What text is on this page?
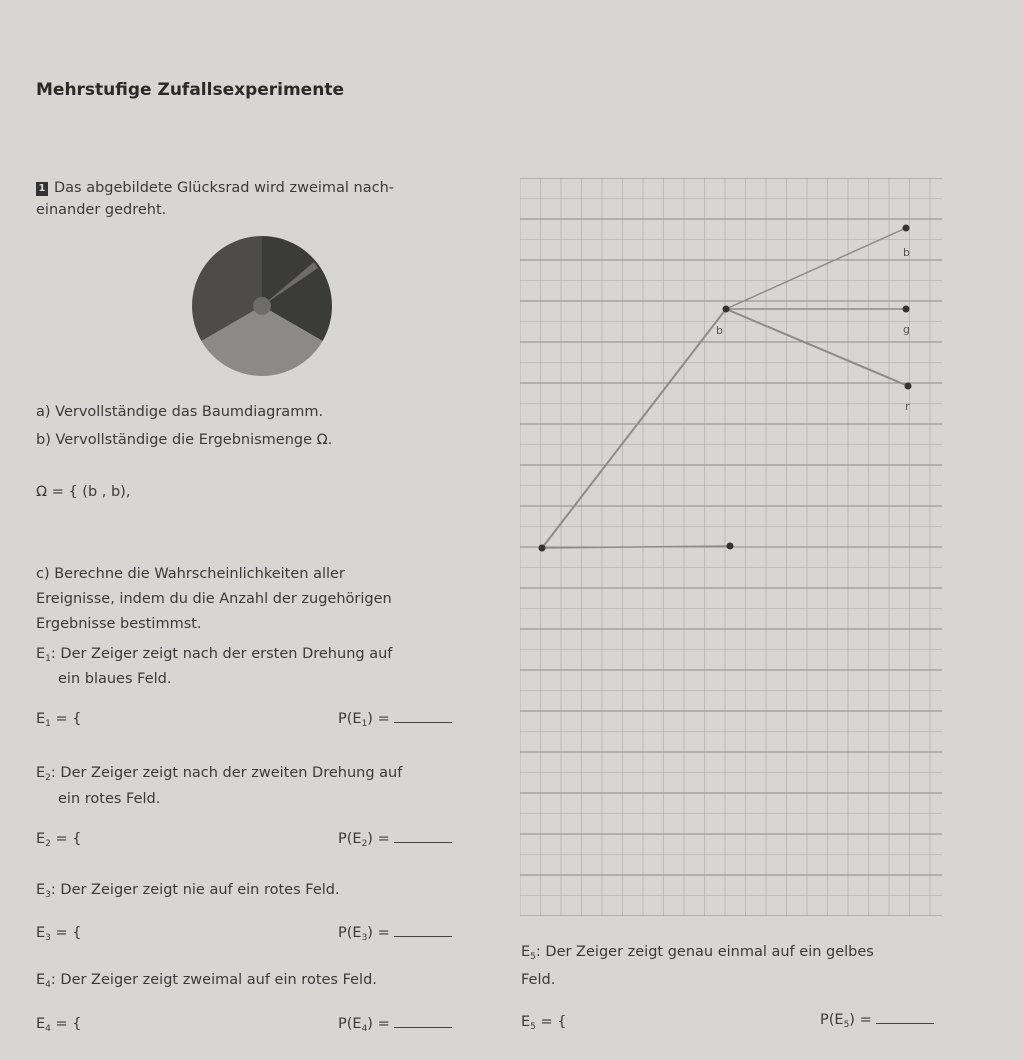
Mehrstufige Zufallsexperimente
1 Das abgebildete Glücksrad wird zweimal nach-
einander gedreht.
a) Vervollständige das Baumdiagramm.
b) Vervollständige die Ergebnismenge Ω.
Ω = { (b , b),
c) Berechne die Wahrscheinlichkeiten aller
Ereignisse, indem du die Anzahl der zugehörigen
Ergebnisse bestimmst.
$E_1$: Der Zeiger zeigt nach der ersten Drehung auf
ein blaues Feld.
$E_1$ = {	$P(E_1)$ =
$E_2$: Der Zeiger zeigt nach der zweiten Drehung auf
ein rotes Feld.
$E_2$ = {	$P(E_2)$ =
$E_3$: Der Zeiger zeigt nie auf ein rotes Feld.
$E_3$ = {	$P(E_3)$ =
$E_4$: Der Zeiger zeigt zweimal auf ein rotes Feld.
$E_4$ = {	$P(E_4)$ =
b
b
g
r
$E_5$: Der Zeiger zeigt genau einmal auf ein gelbes
Feld.
$E_5$ = {	$P(E_5)$ =
